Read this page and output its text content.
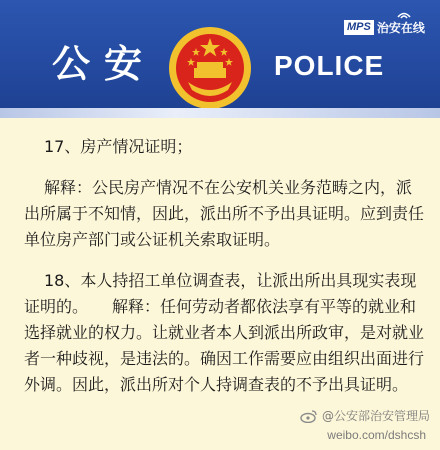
公安	POLICE
MPS 治安在线
17、房产情况证明；

解释：公民房产情况不在公安机关业务范畴之内，派出所属于不知情，因此，派出所不予出具证明。应到责任单位房产部门或公证机关索取证明。

18、本人持招工单位调查表，让派出所出具现实表现证明的。　　解释：任何劳动者都依法享有平等的就业和选择就业的权力。让就业者本人到派出所政审，是对就业者一种歧视，是违法的。确因工作需要应由组织出面进行外调。因此，派出所对个人持调查表的不予出具证明。

@公安部治安管理局
weibo.com/dshcsh
